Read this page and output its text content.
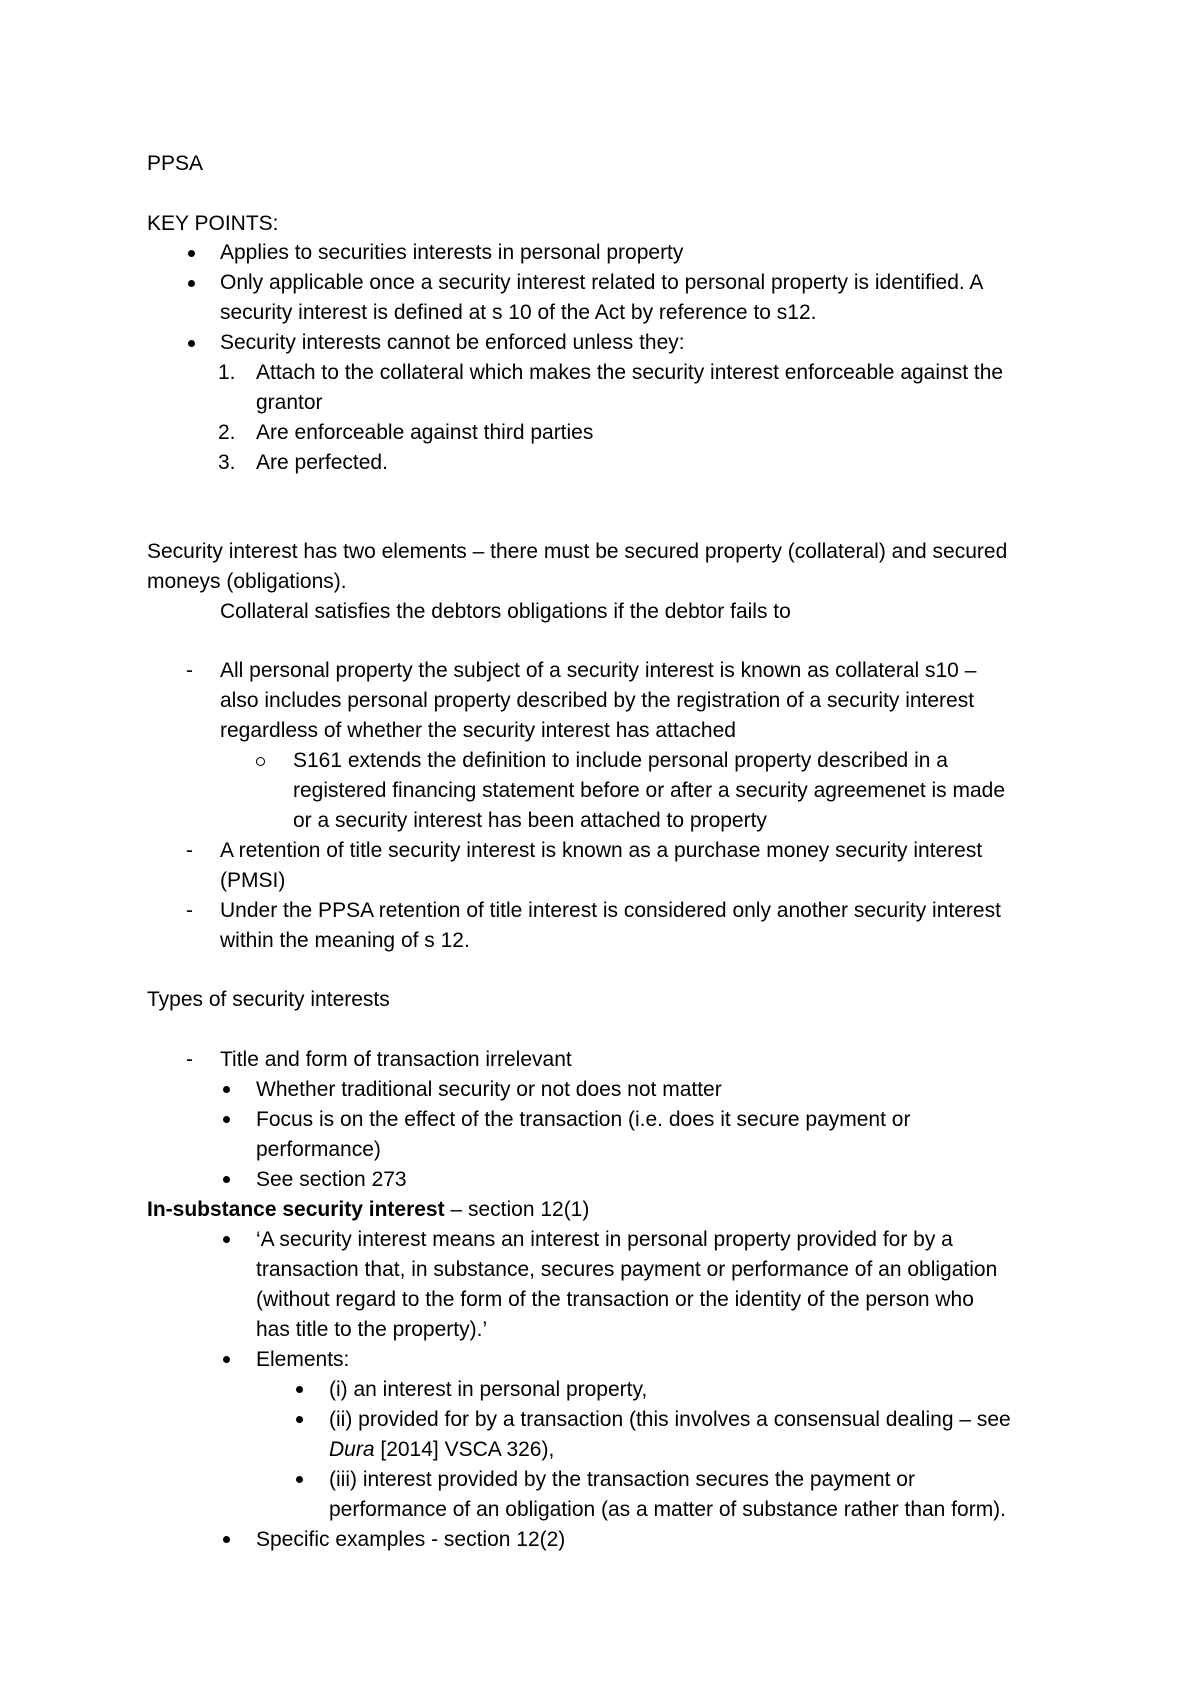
PPSA
KEY POINTS:
Applies to securities interests in personal property
Only applicable once a security interest related to personal property is identified. A
security interest is defined at s 10 of the Act by reference to s12.
Security interests cannot be enforced unless they:
1. Attach to the collateral which makes the security interest enforceable against the
grantor
2. Are enforceable against third parties
3. Are perfected.
Security interest has two elements – there must be secured property (collateral) and secured
moneys (obligations).
Collateral satisfies the debtors obligations if the debtor fails to
- All personal property the subject of a security interest is known as collateral s10 –
also includes personal property described by the registration of a security interest
regardless of whether the security interest has attached
S161 extends the definition to include personal property described in a
registered financing statement before or after a security agreemenet is made
or a security interest has been attached to property
- A retention of title security interest is known as a purchase money security interest
(PMSI)
- Under the PPSA retention of title interest is considered only another security interest
within the meaning of s 12.
Types of security interests
- Title and form of transaction irrelevant
Whether traditional security or not does not matter
Focus is on the effect of the transaction (i.e. does it secure payment or
performance)
See section 273
In-substance security interest – section 12(1)
‘A security interest means an interest in personal property provided for by a
transaction that, in substance, secures payment or performance of an obligation
(without regard to the form of the transaction or the identity of the person who
has title to the property).’
Elements:
(i) an interest in personal property,
(ii) provided for by a transaction (this involves a consensual dealing – see
Dura [2014] VSCA 326),
(iii) interest provided by the transaction secures the payment or
performance of an obligation (as a matter of substance rather than form).
Specific examples - section 12(2)
